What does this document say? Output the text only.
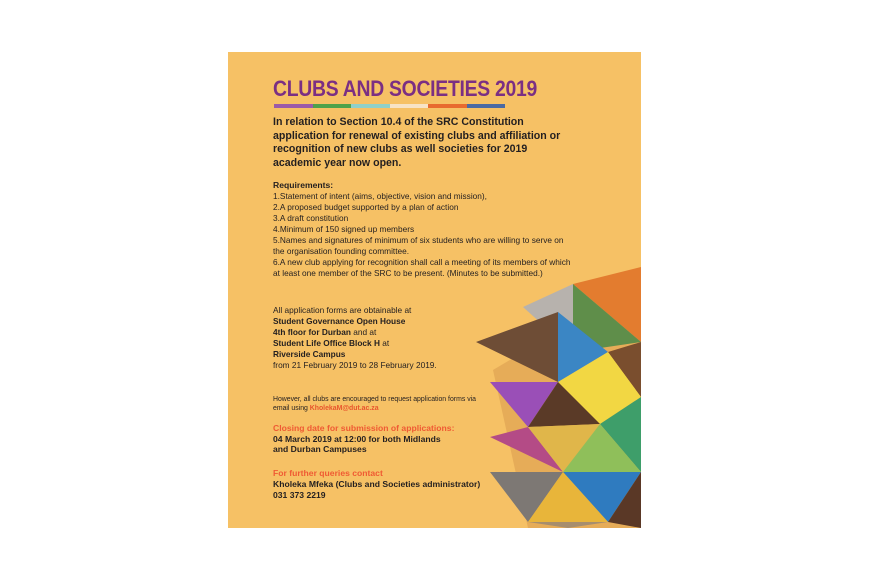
CLUBS AND SOCIETIES 2019

In relation to Section 10.4 of the SRC Constitution application for renewal of existing clubs and affiliation or recognition of new clubs as well societies for 2019 academic year now open.

Requirements:
1.Statement of intent (aims, objective, vision and mission),
2.A proposed budget supported by a plan of action
3.A draft constitution
4.Minimum of 150 signed up members
5.Names and signatures of minimum of six students who are willing to serve on the organisation founding committee.
6.A new club applying for recognition shall call a meeting of its members of which at least one member of the SRC to be present. (Minutes to be submitted.)
All application forms are obtainable at
Student Governance Open House
4th floor for Durban and at
Student Life Office Block H at
Riverside Campus
from 21 February 2019 to 28 February 2019.
However, all clubs are encouraged to request application forms via email using KholekaM@dut.ac.za
Closing date for submission of applications:
04 March 2019 at 12:00 for both Midlands
and Durban Campuses
For further queries contact
Kholeka Mfeka (Clubs and Societies administrator)
031 373 2219
